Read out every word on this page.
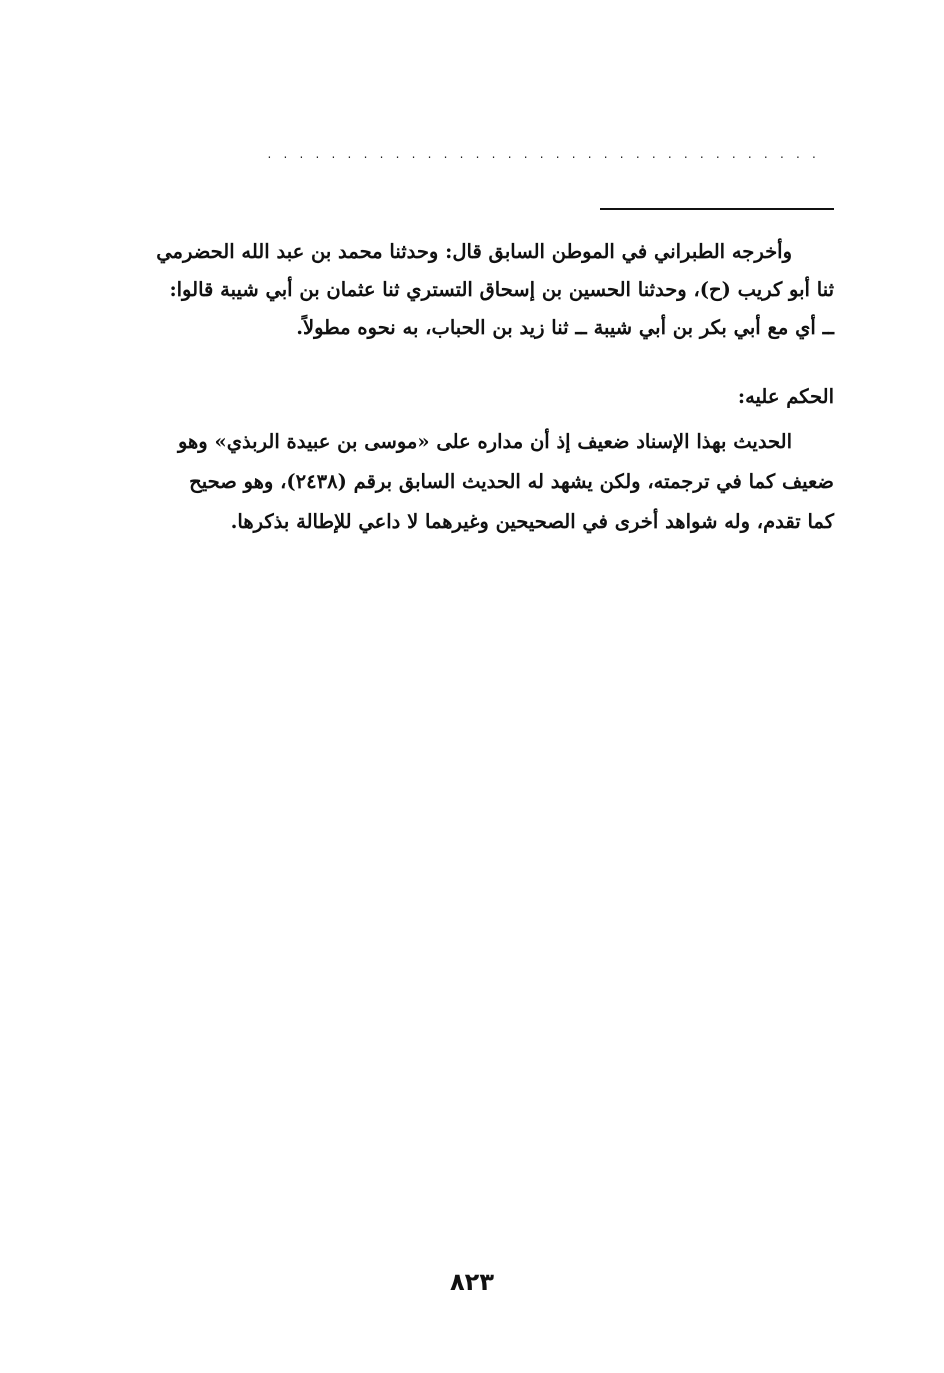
...................................
وأخرجه الطبراني في الموطن السابق قال: وحدثنا محمد بن عبد الله الحضرمي
ثنا أبو كريب (ح)، وحدثنا الحسين بن إسحاق التستري ثنا عثمان بن أبي شيبة قالوا:
ــ أي مع أبي بكر بن أبي شيبة ــ ثنا زيد بن الحباب، به نحوه مطولاً.
الحكم عليه:
الحديث بهذا الإسناد ضعيف إذ أن مداره على «موسى بن عبيدة الربذي» وهو
ضعيف كما في ترجمته، ولكن يشهد له الحديث السابق برقم (٢٤٣٨)، وهو صحيح
كما تقدم، وله شواهد أخرى في الصحيحين وغيرهما لا داعي للإطالة بذكرها.
٨٢٣
